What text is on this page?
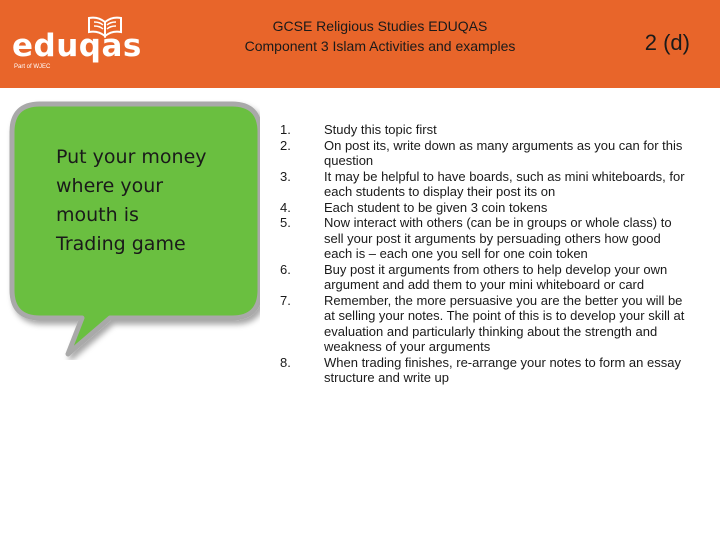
eduqas
Part of WJEC
GCSE Religious Studies EDUQAS
Component 3 Islam Activities and examples	2 (d)
Put your money
where your
mouth is
Trading game
1.	Study this topic first
2.	On post its, write down as many arguments as you can for this question
3.	It may be helpful to have boards, such as mini whiteboards, for each students to display their post its on
4.	Each student to be given 3 coin tokens
5.	Now interact with others (can be in groups or whole class) to sell your post it arguments by persuading others how good each is – each one you sell for one coin token
6.	Buy post it arguments from others to help develop your own argument and add them to your mini whiteboard or card
7.	Remember, the more persuasive you are the better you will be at selling your notes. The point of this is to develop your skill at evaluation and particularly thinking about the strength and weakness of your arguments
8.	When trading finishes, re-arrange your notes to form an essay structure and write up
